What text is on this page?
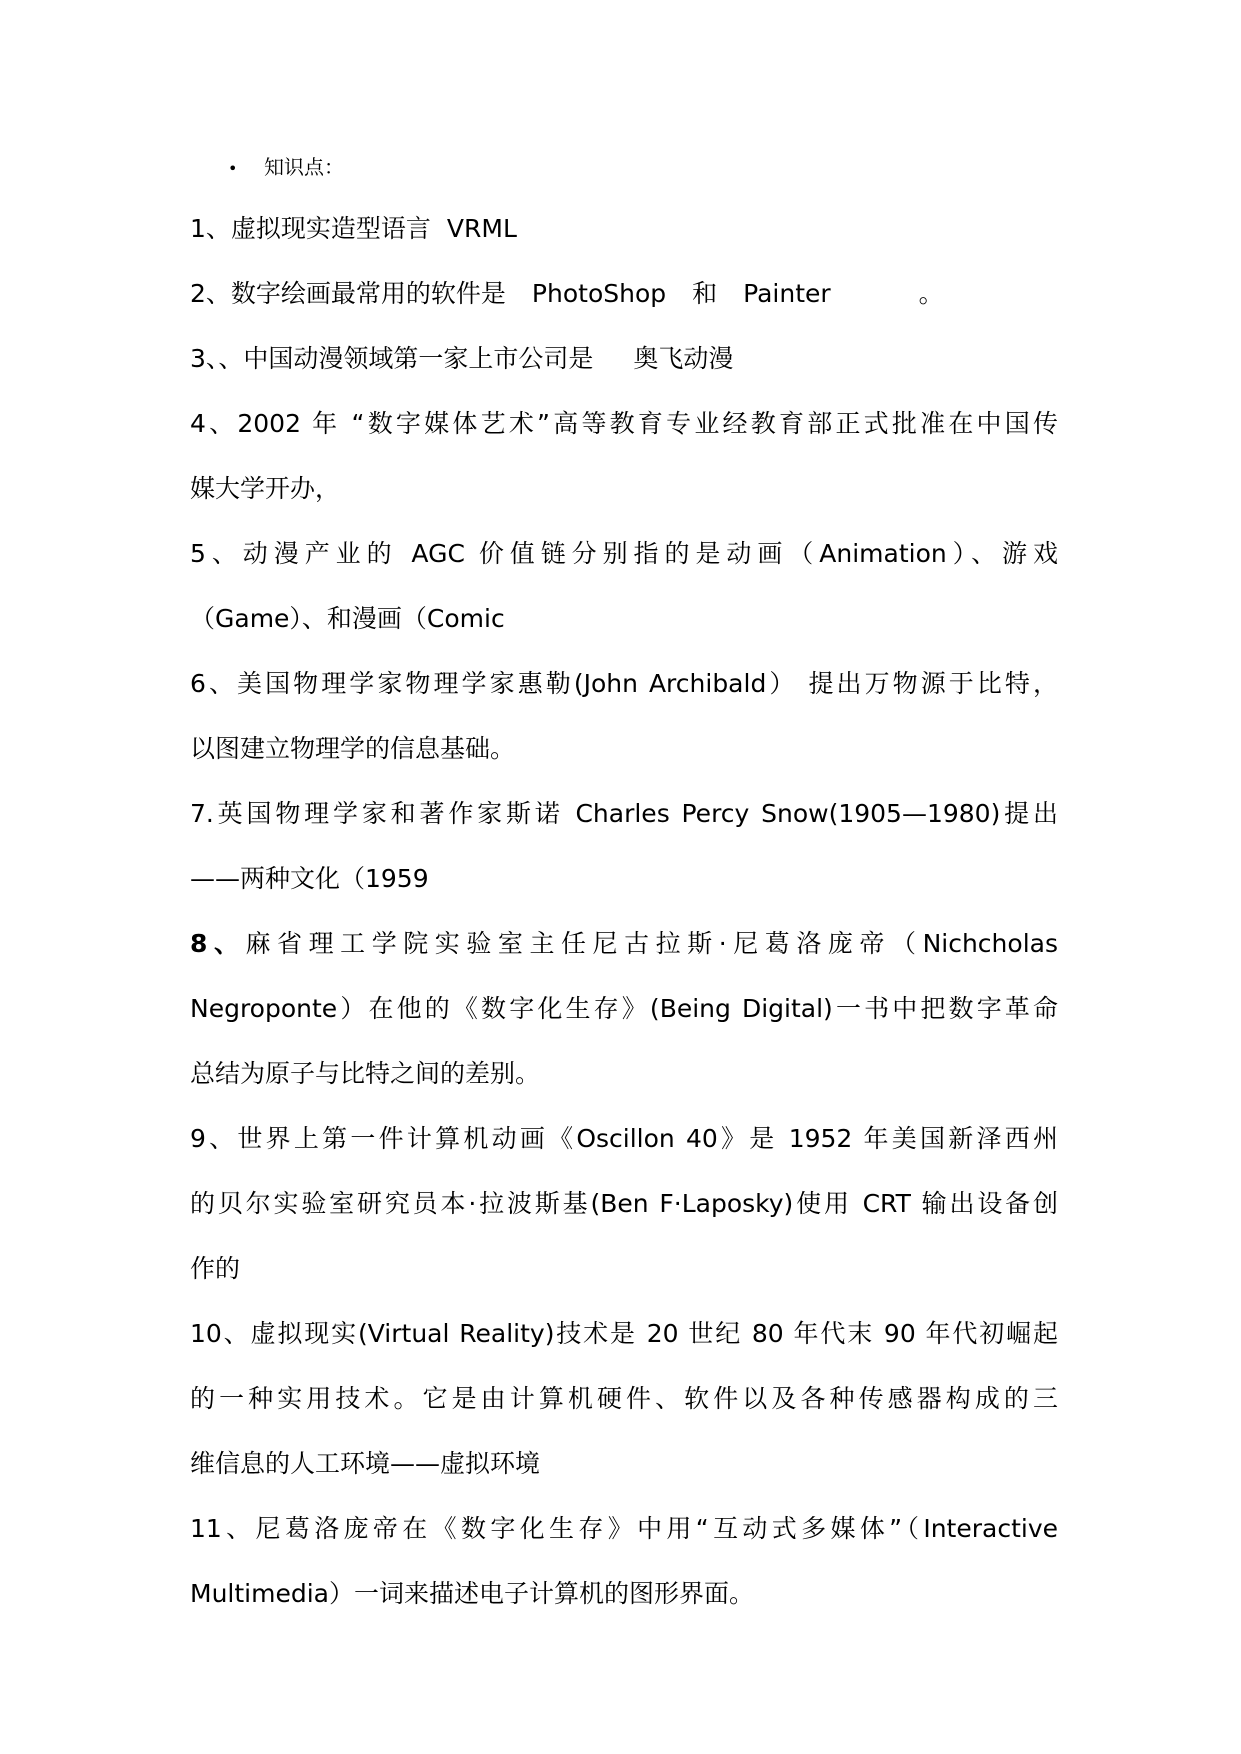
• 知识点：
1、虚拟现实造型语言 VRML
2、数字绘画最常用的软件是 PhotoShop 和 Painter	。
3、、中国动漫领域第一家上市公司是 奥飞动漫
4、2002 年 “数字媒体艺术”高等教育专业经教育部正式批准在中国传
媒大学开办，
5、动漫产业的 AGC 价值链分别指的是动画（Animation）、游戏
（Game）、和漫画（Comic
6、美国物理学家物理学家惠勒(John Archibald） 提出万物源于比特，
以图建立物理学的信息基础。
7.英国物理学家和著作家斯诺 Charles Percy Snow(1905—1980)提出
——两种文化（1959
8、麻省理工学院实验室主任尼古拉斯·尼葛洛庞帝（Nichcholas
Negroponte）在他的《数字化生存》(Being Digital)一书中把数字革命
总结为原子与比特之间的差别。
9、世界上第一件计算机动画《Oscillon 40》是 1952 年美国新泽西州
的贝尔实验室研究员本·拉波斯基(Ben F·Laposky)使用 CRT 输出设备创
作的
10、虚拟现实(Virtual Reality)技术是 20 世纪 80 年代末 90 年代初崛起
的一种实用技术。它是由计算机硬件、软件以及各种传感器构成的三
维信息的人工环境——虚拟环境
11、尼葛洛庞帝在《数字化生存》中用“互动式多媒体”（Interactive
Multimedia）一词来描述电子计算机的图形界面。
